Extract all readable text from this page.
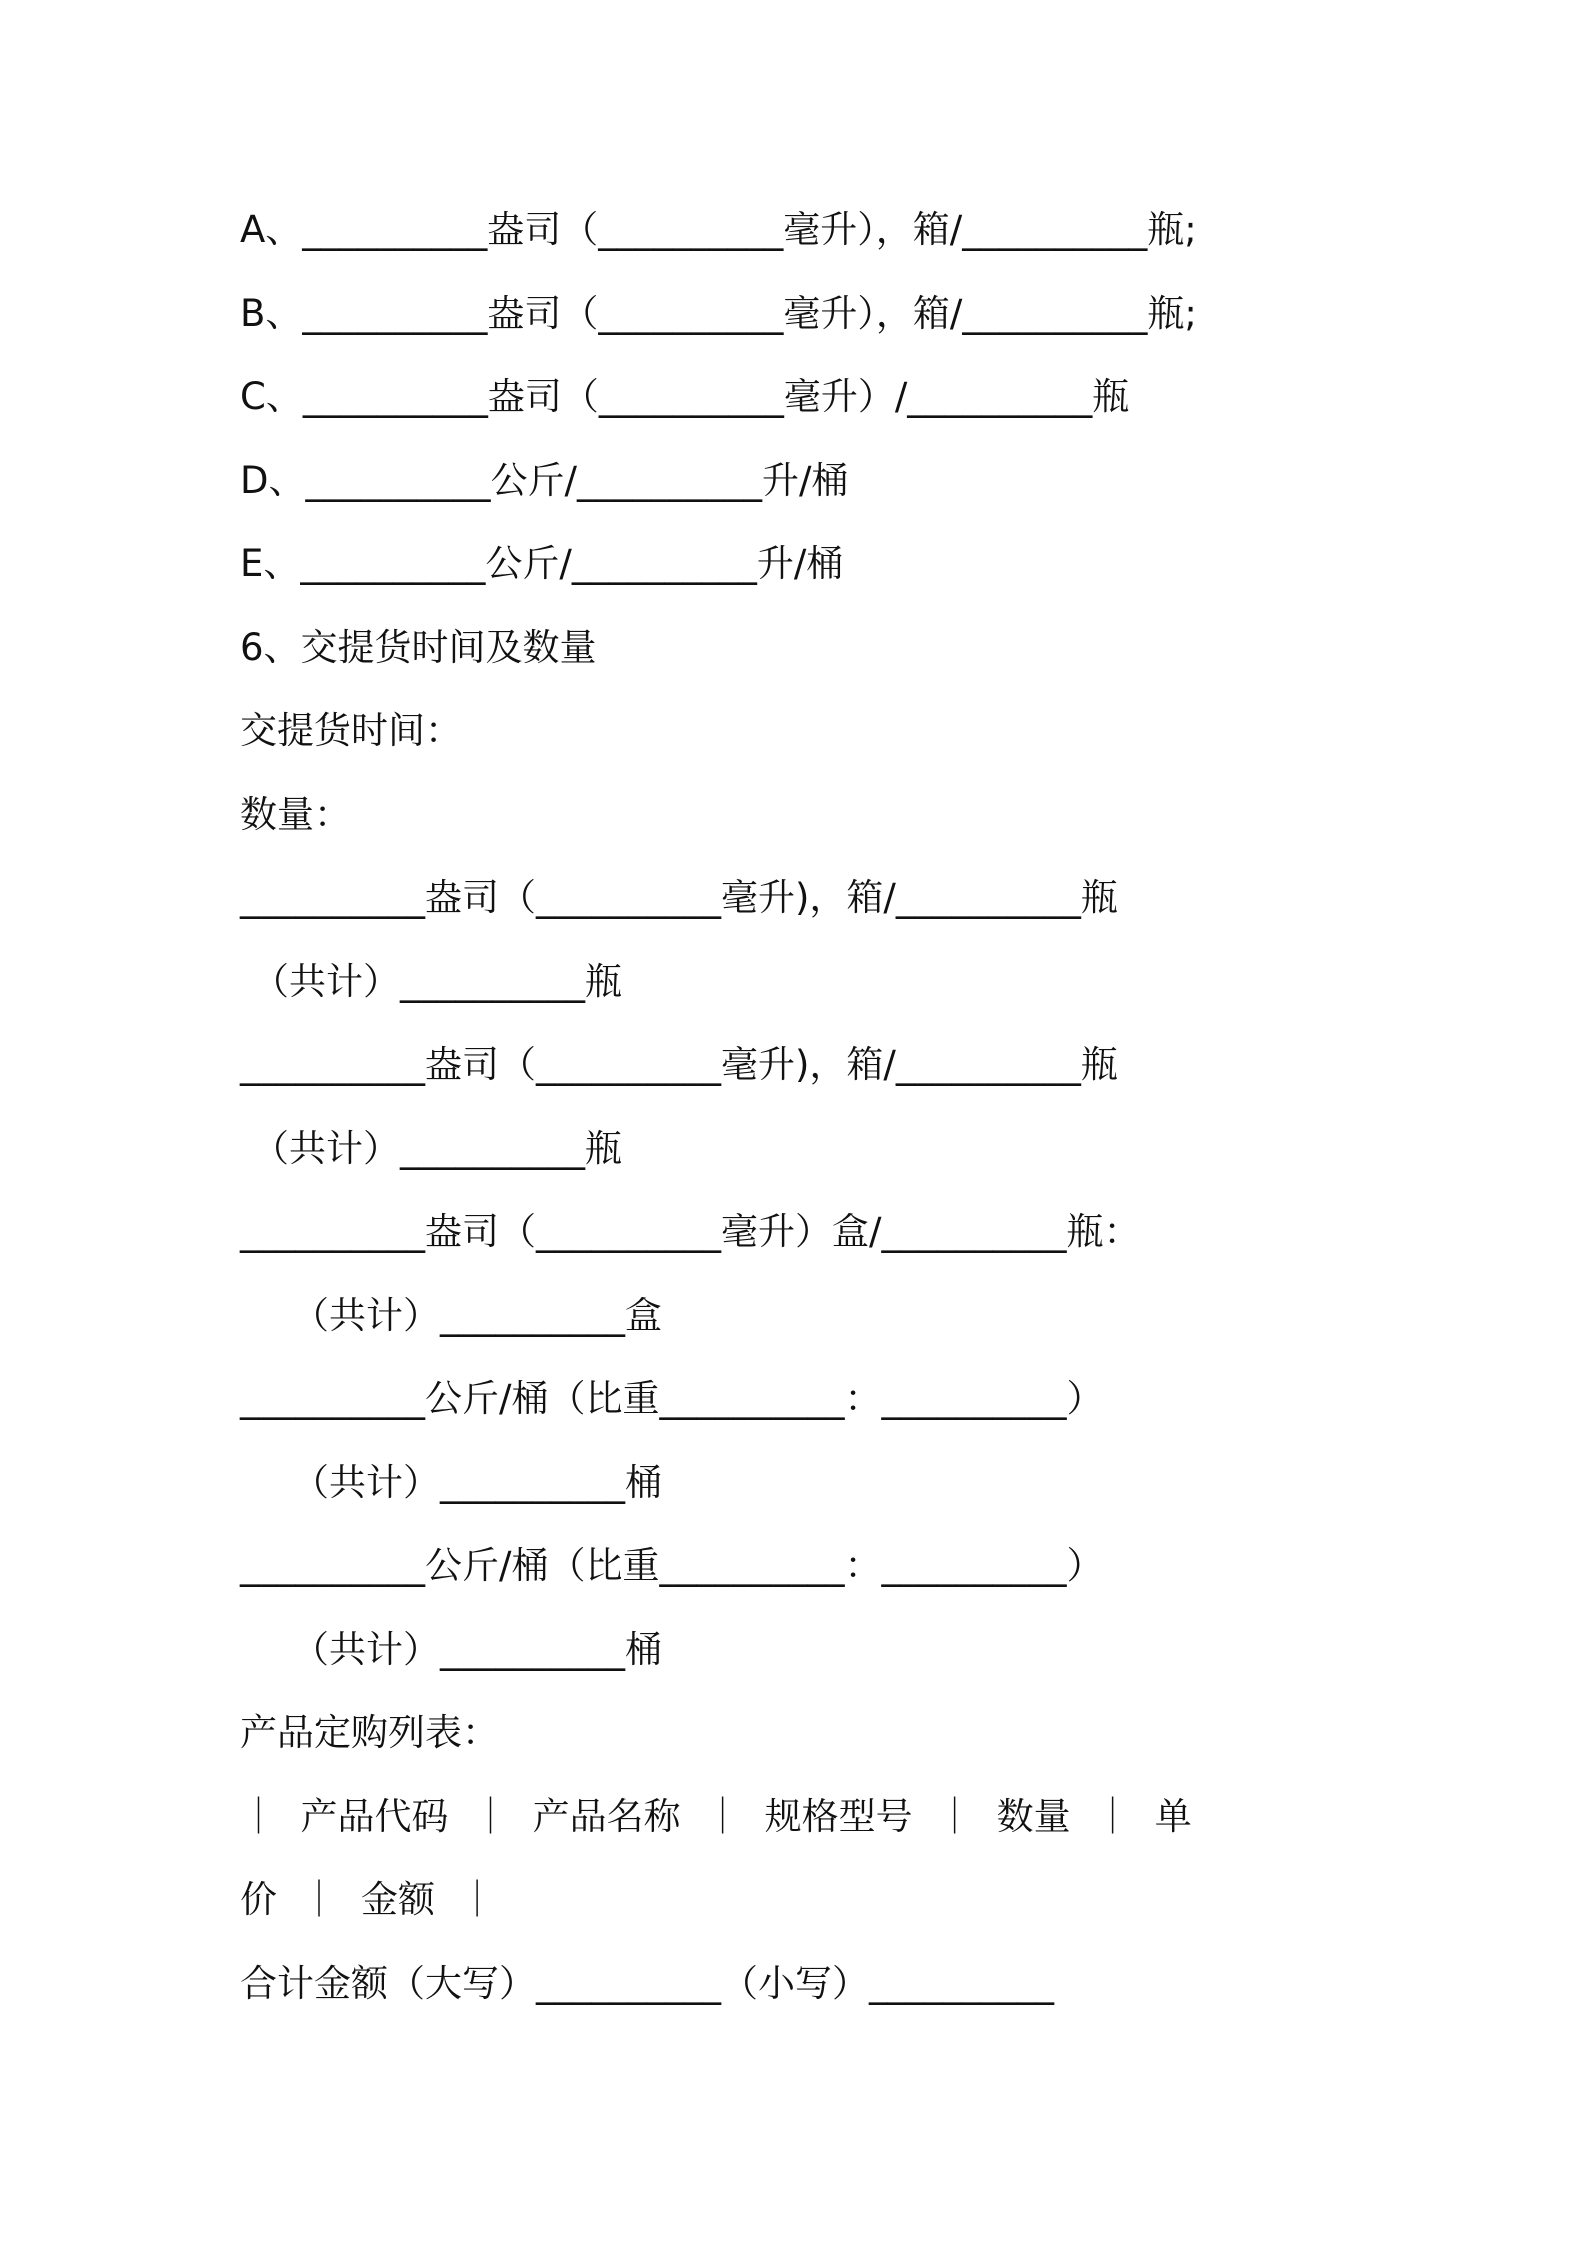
A、__________盎司（__________毫升），箱/__________瓶;
B、__________盎司（__________毫升），箱/__________瓶;
C、__________盎司（__________毫升）/__________瓶
D、__________公斤/__________升/桶
E、__________公斤/__________升/桶
6、交提货时间及数量
交提货时间：
数量：
__________盎司（__________毫升)，箱/__________瓶
（共计）__________瓶
__________盎司（__________毫升)，箱/__________瓶
（共计）__________瓶
__________盎司（__________毫升）盒/__________瓶：
（共计）__________盒
__________公斤/桶（比重__________：__________）
（共计）__________桶
__________公斤/桶（比重__________：__________）
（共计）__________桶
产品定购列表：
｜  产品代码  ｜  产品名称  ｜  规格型号  ｜  数量  ｜  单
价  ｜  金额  ｜
合计金额（大写）__________（小写）__________
